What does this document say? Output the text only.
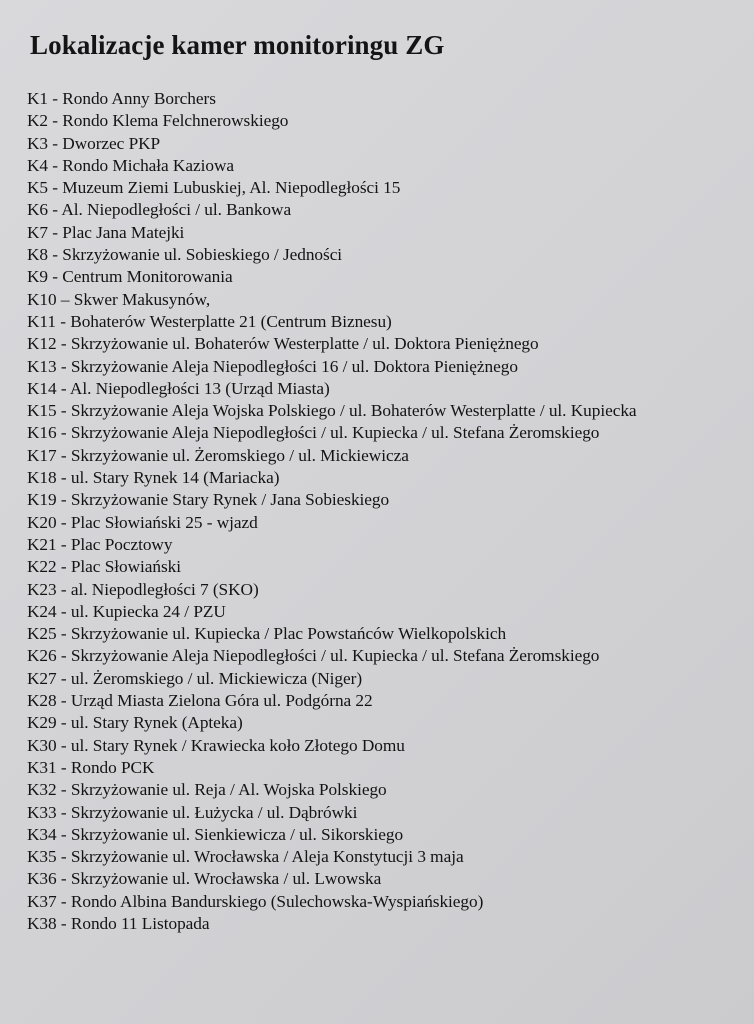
Lokalizacje kamer monitoringu ZG
K1 - Rondo Anny Borchers
K2 - Rondo Klema Felchnerowskiego
K3 - Dworzec PKP
K4 - Rondo Michała Kaziowa
K5 - Muzeum Ziemi Lubuskiej, Al. Niepodległości 15
K6 - Al. Niepodległości / ul. Bankowa
K7 - Plac Jana Matejki
K8 - Skrzyżowanie ul. Sobieskiego / Jedności
K9 - Centrum Monitorowania
K10 – Skwer Makusynów,
K11 - Bohaterów Westerplatte 21 (Centrum Biznesu)
K12 - Skrzyżowanie ul. Bohaterów Westerplatte / ul. Doktora Pieniężnego
K13 - Skrzyżowanie Aleja Niepodległości 16 / ul. Doktora Pieniężnego
K14 - Al. Niepodległości 13 (Urząd Miasta)
K15 - Skrzyżowanie Aleja Wojska Polskiego / ul. Bohaterów Westerplatte / ul. Kupiecka
K16 - Skrzyżowanie Aleja Niepodległości / ul. Kupiecka / ul. Stefana Żeromskiego
K17 - Skrzyżowanie ul. Żeromskiego / ul. Mickiewicza
K18 - ul. Stary Rynek 14 (Mariacka)
K19 - Skrzyżowanie Stary Rynek / Jana Sobieskiego
K20 - Plac Słowiański 25 - wjazd
K21 - Plac Pocztowy
K22 - Plac Słowiański
K23 - al. Niepodległości 7 (SKO)
K24 - ul. Kupiecka 24 / PZU
K25 - Skrzyżowanie ul. Kupiecka / Plac Powstańców Wielkopolskich
K26 - Skrzyżowanie Aleja Niepodległości / ul. Kupiecka / ul. Stefana Żeromskiego
K27 - ul. Żeromskiego / ul. Mickiewicza (Niger)
K28 - Urząd Miasta Zielona Góra ul. Podgórna 22
K29 - ul. Stary Rynek (Apteka)
K30 - ul. Stary Rynek / Krawiecka koło Złotego Domu
K31 - Rondo PCK
K32 - Skrzyżowanie ul. Reja / Al. Wojska Polskiego
K33 - Skrzyżowanie ul. Łużycka / ul. Dąbrówki
K34 - Skrzyżowanie ul. Sienkiewicza / ul. Sikorskiego
K35 - Skrzyżowanie ul. Wrocławska / Aleja Konstytucji 3 maja
K36 - Skrzyżowanie ul. Wrocławska / ul. Lwowska
K37 - Rondo Albina Bandurskiego (Sulechowska-Wyspiańskiego)
K38 - Rondo 11 Listopada
